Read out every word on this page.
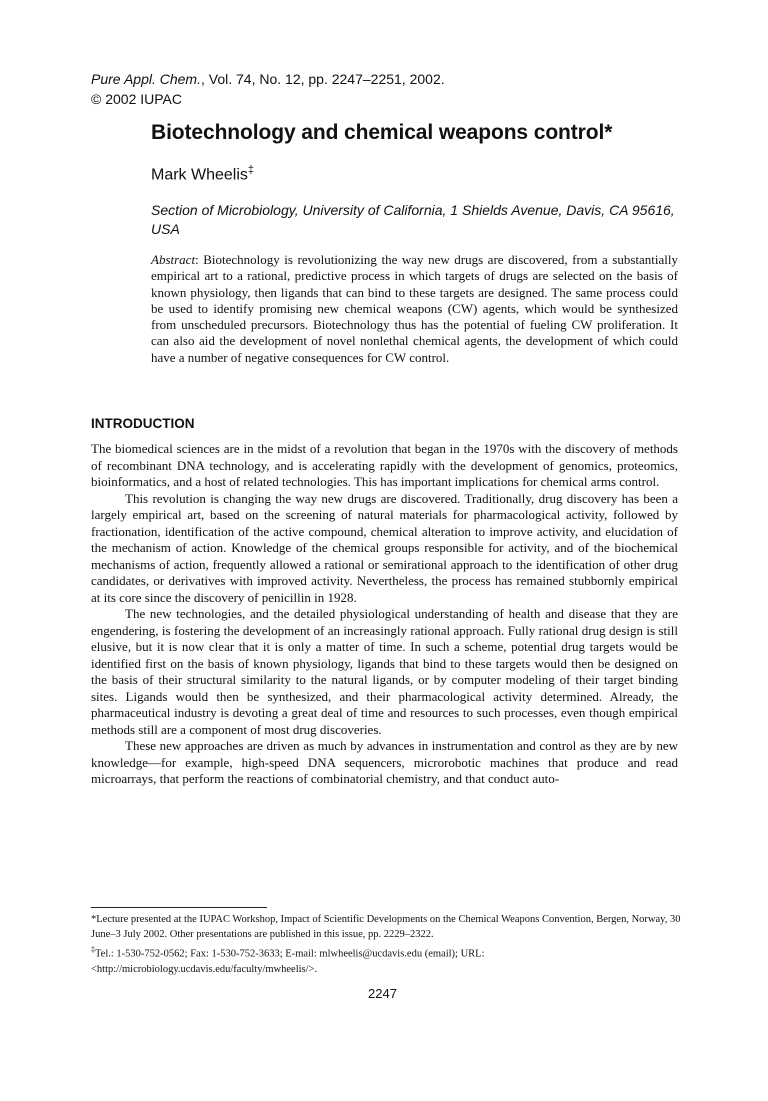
Pure Appl. Chem., Vol. 74, No. 12, pp. 2247–2251, 2002.
© 2002 IUPAC
Biotechnology and chemical weapons control*
Mark Wheelis‡
Section of Microbiology, University of California, 1 Shields Avenue, Davis, CA 95616, USA
Abstract: Biotechnology is revolutionizing the way new drugs are discovered, from a substantially empirical art to a rational, predictive process in which targets of drugs are selected on the basis of known physiology, then ligands that can bind to these targets are designed. The same process could be used to identify promising new chemical weapons (CW) agents, which would be synthesized from unscheduled precursors. Biotechnology thus has the potential of fueling CW proliferation. It can also aid the development of novel nonlethal chemical agents, the development of which could have a number of negative consequences for CW control.
INTRODUCTION

The biomedical sciences are in the midst of a revolution that began in the 1970s with the discovery of methods of recombinant DNA technology, and is accelerating rapidly with the development of genomics, proteomics, bioinformatics, and a host of related technologies. This has important implications for chemical arms control.

This revolution is changing the way new drugs are discovered. Traditionally, drug discovery has been a largely empirical art, based on the screening of natural materials for pharmacological activity, followed by fractionation, identification of the active compound, chemical alteration to improve activity, and elucidation of the mechanism of action. Knowledge of the chemical groups responsible for activity, and of the biochemical mechanisms of action, frequently allowed a rational or semirational approach to the identification of other drug candidates, or derivatives with improved activity. Nevertheless, the process has remained stubbornly empirical at its core since the discovery of penicillin in 1928.

The new technologies, and the detailed physiological understanding of health and disease that they are engendering, is fostering the development of an increasingly rational approach. Fully rational drug design is still elusive, but it is now clear that it is only a matter of time. In such a scheme, potential drug targets would be identified first on the basis of known physiology, ligands that bind to these targets would then be designed on the basis of their structural similarity to the natural ligands, or by computer modeling of their target binding sites. Ligands would then be synthesized, and their pharmacological activity determined. Already, the pharmaceutical industry is devoting a great deal of time and resources to such processes, even though empirical methods still are a component of most drug discoveries.

These new approaches are driven as much by advances in instrumentation and control as they are by new knowledge—for example, high-speed DNA sequencers, microrobotic machines that produce and read microarrays, that perform the reactions of combinatorial chemistry, and that conduct auto-

*Lecture presented at the IUPAC Workshop, Impact of Scientific Developments on the Chemical Weapons Convention, Bergen, Norway, 30 June–3 July 2002. Other presentations are published in this issue, pp. 2229–2322.

‡Tel.: 1-530-752-0562; Fax: 1-530-752-3633; E-mail: mlwheelis@ucdavis.edu (email); URL: <http://microbiology.ucdavis.edu/faculty/mwheelis/>.

2247
